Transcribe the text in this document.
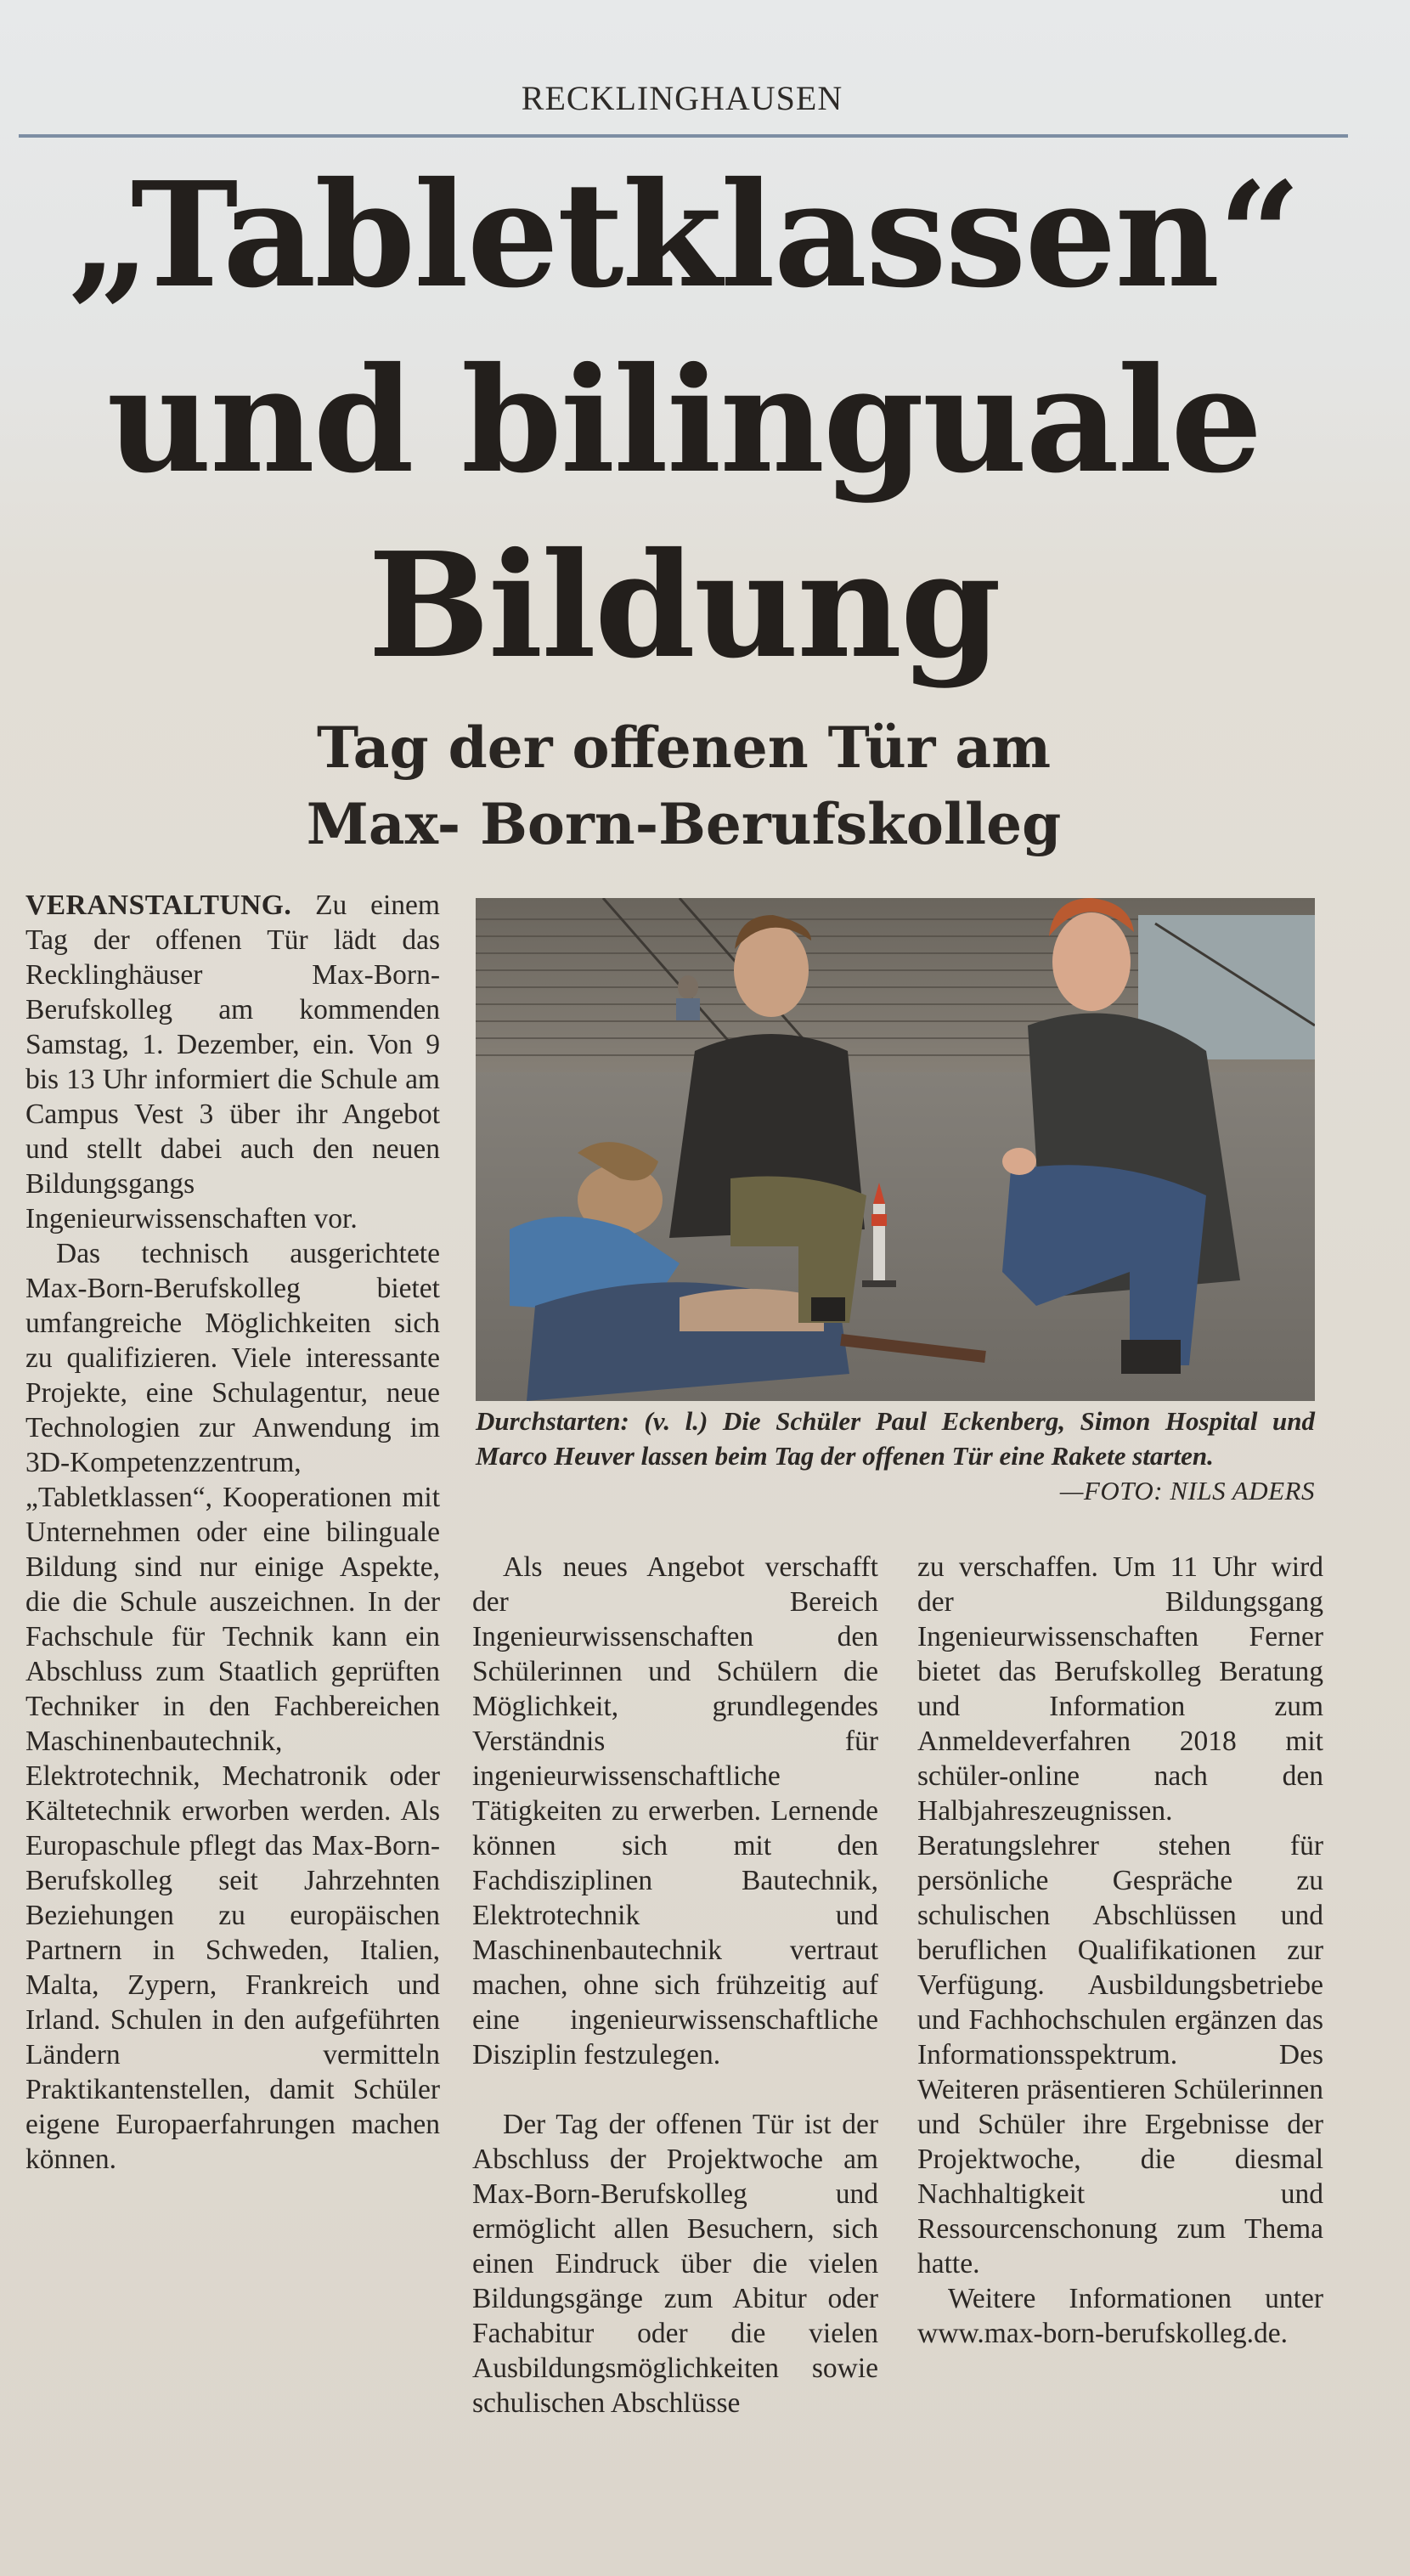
RECKLINGHAUSEN
„Tabletklassen“
und bilinguale
Bildung
Tag der offenen Tür am
Max- Born-Berufskolleg

VERANSTALTUNG. Zu einem Tag der offenen Tür lädt das Recklinghäuser Max-Born-Berufskolleg am kommenden Samstag, 1. Dezember, ein. Von 9 bis 13 Uhr informiert die Schule am Campus Vest 3 über ihr Angebot und stellt dabei auch den neuen Bildungsgangs Ingenieurwissenschaften vor.

Das technisch ausgerichtete Max-Born-Berufskolleg bietet umfangreiche Möglichkeiten sich zu qualifizieren. Viele interessante Projekte, eine Schulagentur, neue Technologien zur Anwendung im 3D-Kompetenzzentrum, „Tabletklassen“, Kooperationen mit Unternehmen oder eine bilinguale Bildung sind nur einige Aspekte, die die Schule auszeichnen. In der Fachschule für Technik kann ein Abschluss zum Staatlich geprüften Techniker in den Fachbereichen Maschinenbautechnik, Elektrotechnik, Mechatronik oder Kältetechnik erworben werden. Als Europaschule pflegt das Max-Born-Berufskolleg seit Jahrzehnten Beziehungen zu europäischen Partnern in Schweden, Italien, Malta, Zypern, Frankreich und Irland. Schulen in den aufgeführten Ländern vermitteln Praktikantenstellen, damit Schüler eigene Europaerfahrungen machen können.

Durchstarten: (v. l.) Die Schüler Paul Eckenberg, Simon Hospital und Marco Heuver lassen beim Tag der offenen Tür eine Rakete starten.
—FOTO: NILS ADERS

Als neues Angebot verschafft der Bereich Ingenieurwissenschaften den Schülerinnen und Schülern die Möglichkeit, grundlegendes Verständnis für ingenieurwissenschaftliche Tätigkeiten zu erwerben. Lernende können sich mit den Fachdisziplinen Bautechnik, Elektrotechnik und Maschinenbautechnik vertraut machen, ohne sich frühzeitig auf eine ingenieurwissenschaftliche Disziplin festzulegen.

Der Tag der offenen Tür ist der Abschluss der Projektwoche am Max-Born-Berufskolleg und ermöglicht allen Besuchern, sich einen Eindruck über die vielen Bildungsgänge zum Abitur oder Fachabitur oder die vielen Ausbildungsmöglichkeiten sowie schulischen Abschlüsse

zu verschaffen. Um 11 Uhr wird der Bildungsgang Ingenieurwissenschaften Ferner bietet das Berufskolleg Beratung und Information zum Anmeldeverfahren 2018 mit schüler-online nach den Halbjahreszeugnissen. Beratungslehrer stehen für persönliche Gespräche zu schulischen Abschlüssen und beruflichen Qualifikationen zur Verfügung. Ausbildungsbetriebe und Fachhochschulen ergänzen das Informationsspektrum. Des Weiteren präsentieren Schülerinnen und Schüler ihre Ergebnisse der Projektwoche, die diesmal Nachhaltigkeit und Ressourcenschonung zum Thema hatte.

Weitere Informationen unter www.max-born-berufskolleg.de.
